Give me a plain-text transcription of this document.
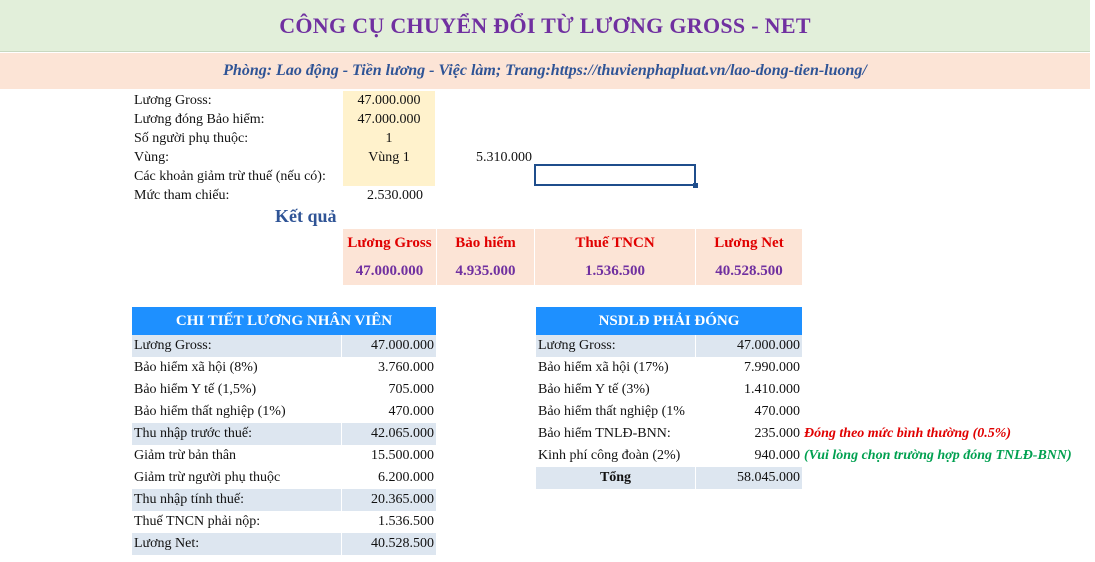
CÔNG CỤ CHUYỂN ĐỔI TỪ LƯƠNG GROSS - NET
Phòng: Lao động - Tiền lương - Việc làm; Trang:https://thuvienphapluat.vn/lao-dong-tien-luong/
Lương Gross:	47.000.000
Lương đóng Bảo hiểm:	47.000.000
Số người phụ thuộc:	1
Vùng:	Vùng 1	5.310.000
Các khoản giảm trừ thuế (nếu có):
Mức tham chiếu:	2.530.000
Kết quả
Lương Gross	Bảo hiểm	Thuế TNCN	Lương Net
47.000.000	4.935.000	1.536.500	40.528.500
CHI TIẾT LƯƠNG NHÂN VIÊN
Lương Gross:	47.000.000
Bảo hiểm xã hội (8%)	3.760.000
Bảo hiểm Y tế (1,5%)	705.000
Bảo hiểm thất nghiệp (1%)	470.000
Thu nhập trước thuế:	42.065.000
Giảm trừ bản thân	15.500.000
Giảm trừ người phụ thuộc	6.200.000
Thu nhập tính thuế:	20.365.000
Thuế TNCN phải nộp:	1.536.500
Lương Net:	40.528.500
NSDLĐ PHẢI ĐÓNG
Lương Gross:	47.000.000
Bảo hiểm xã hội (17%)	7.990.000
Bảo hiểm Y tế (3%)	1.410.000
Bảo hiểm thất nghiệp (1%	470.000
Bảo hiểm TNLĐ-BNN:	235.000 Đóng theo mức bình thường (0.5%)
Kinh phí công đoàn (2%)	940.000 (Vui lòng chọn trường hợp đóng TNLĐ-BNN)
Tổng	58.045.000
